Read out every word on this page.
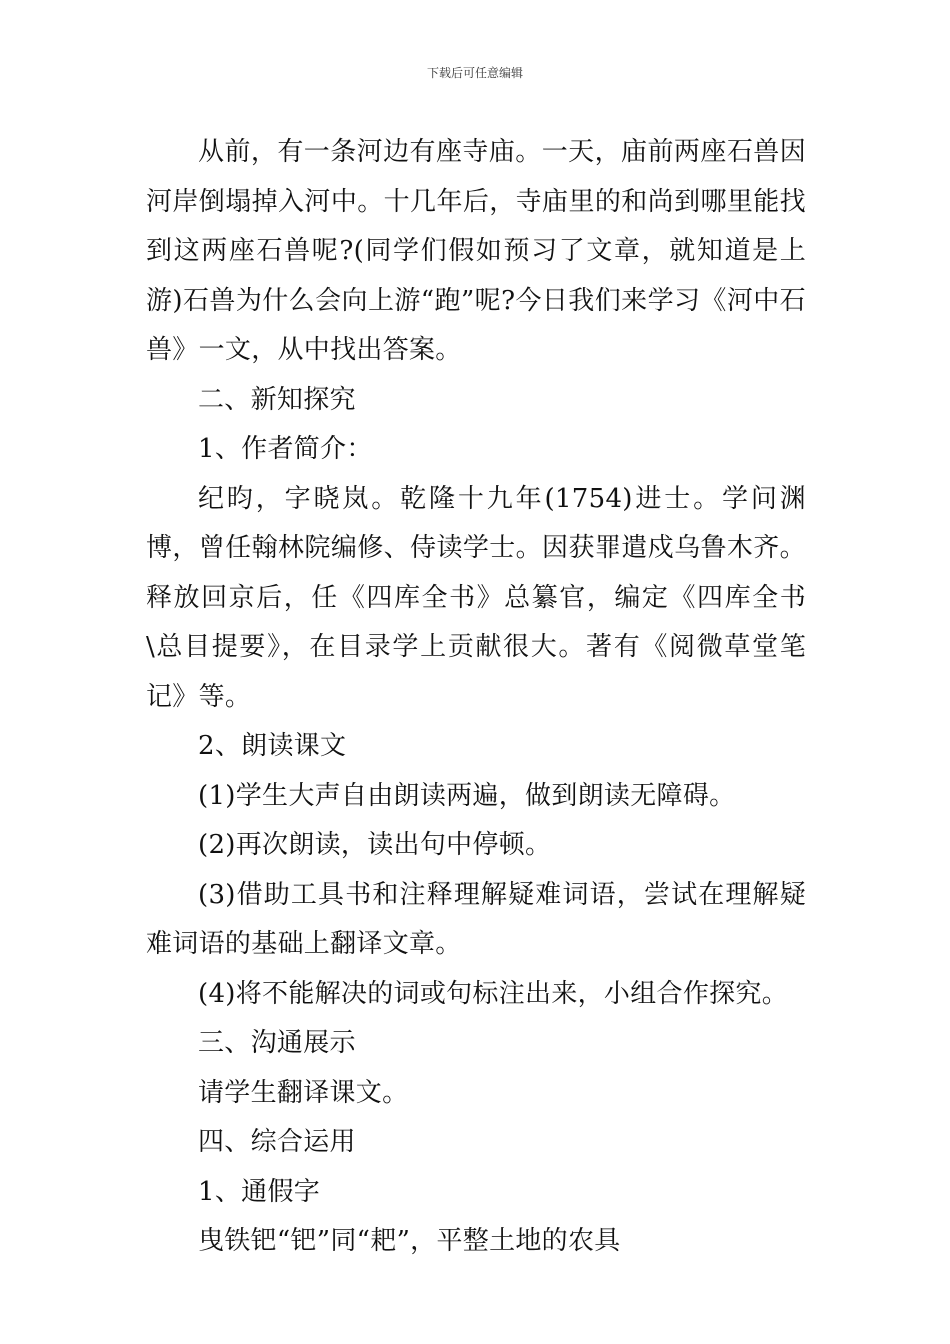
下载后可任意编辑

从前，有一条河边有座寺庙。一天，庙前两座石兽因河岸倒塌掉入河中。十几年后，寺庙里的和尚到哪里能找到这两座石兽呢?(同学们假如预习了文章，就知道是上游)石兽为什么会向上游“跑”呢?今日我们来学习《河中石兽》一文，从中找出答案。

二、新知探究

1、作者简介：

纪昀，字晓岚。乾隆十九年(1754)进士。学问渊博，曾任翰林院编修、侍读学士。因获罪遣戍乌鲁木齐。释放回京后，任《四库全书》总纂官，编定《四库全书\总目提要》，在目录学上贡献很大。著有《阅微草堂笔记》等。

2、朗读课文

(1)学生大声自由朗读两遍，做到朗读无障碍。

(2)再次朗读，读出句中停顿。

(3)借助工具书和注释理解疑难词语，尝试在理解疑难词语的基础上翻译文章。

(4)将不能解决的词或句标注出来，小组合作探究。

三、沟通展示

请学生翻译课文。

四、综合运用

1、通假字

曳铁钯“钯”同“耙”，平整土地的农具
